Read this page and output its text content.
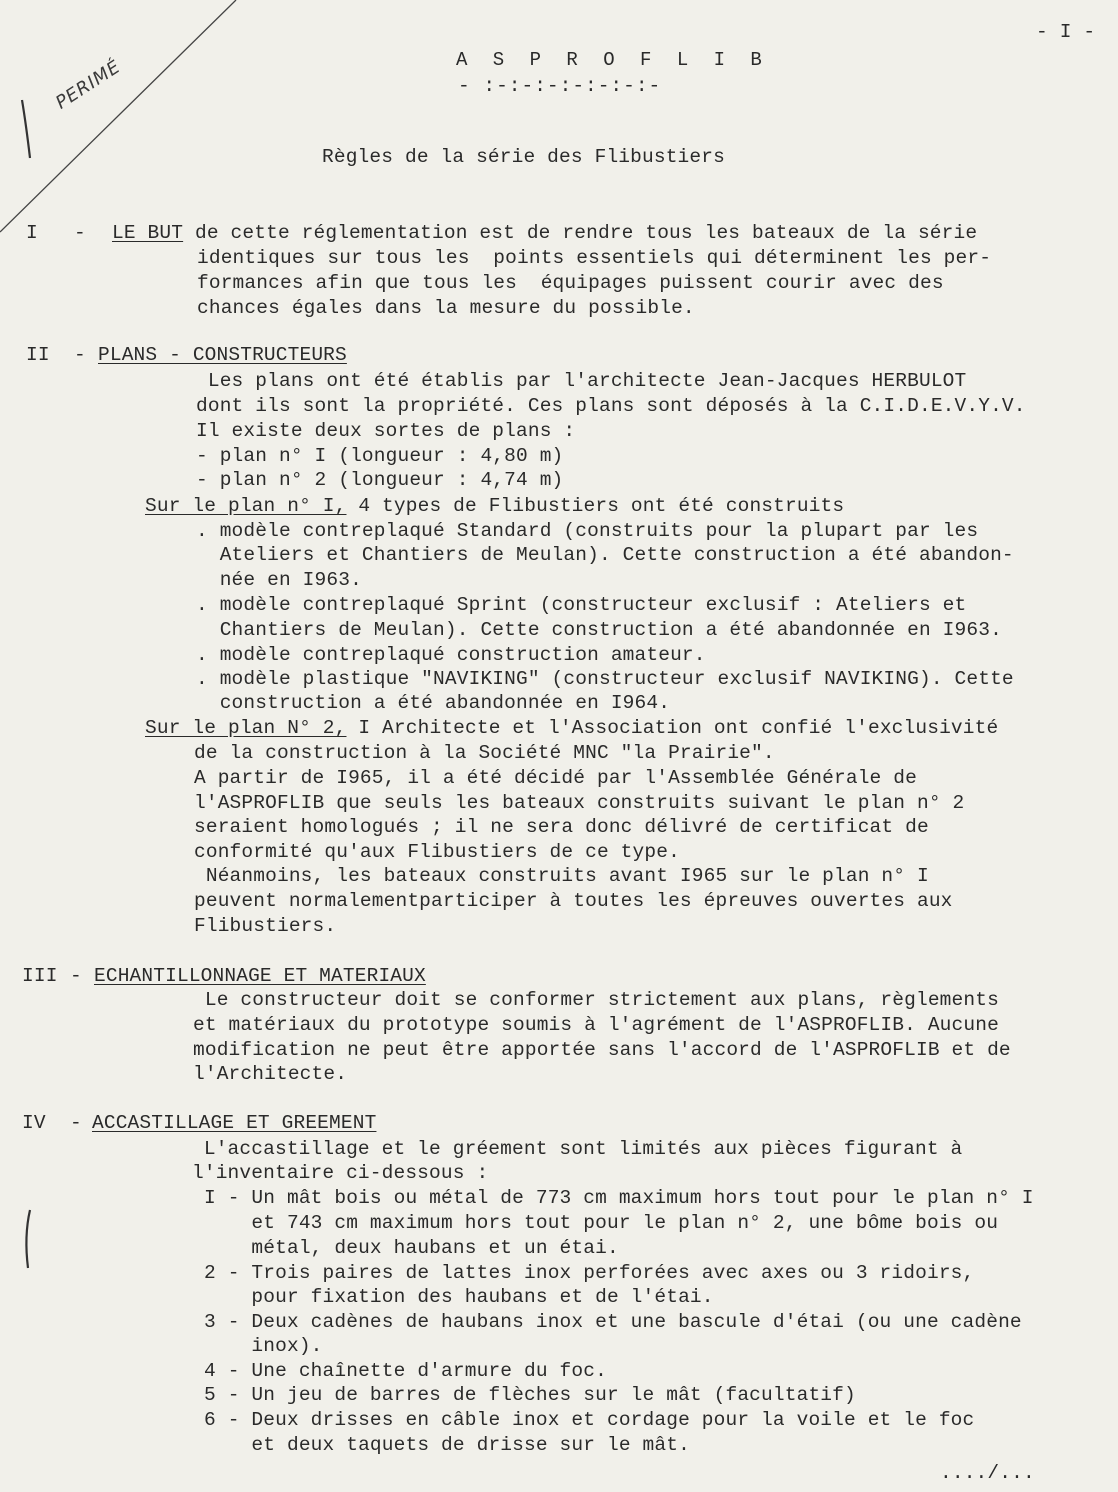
PERIMÉ
- I -
A S P R O F L I B
- :-:-:-:-:-:-:-
Règles de la série des Flibustiers
I - LE BUT de cette réglementation est de rendre tous les bateaux de la série
identiques sur tous les  points essentiels qui déterminent les per-
formances afin que tous les  équipages puissent courir avec des
chances égales dans la mesure du possible.
II - PLANS - CONSTRUCTEURS
Les plans ont été établis par l'architecte Jean-Jacques HERBULOT
dont ils sont la propriété. Ces plans sont déposés à la C.I.D.E.V.Y.V.
Il existe deux sortes de plans :
- plan n° I (longueur : 4,80 m)
- plan n° 2 (longueur : 4,74 m)
Sur le plan n° I, 4 types de Flibustiers ont été construits
. modèle contreplaqué Standard (construits pour la plupart par les
Ateliers et Chantiers de Meulan). Cette construction a été abandon-
née en I963.
. modèle contreplaqué Sprint (constructeur exclusif : Ateliers et
Chantiers de Meulan). Cette construction a été abandonnée en I963.
. modèle contreplaqué construction amateur.
. modèle plastique "NAVIKING" (constructeur exclusif NAVIKING). Cette
construction a été abandonnée en I964.
Sur le plan N° 2, I Architecte et l'Association ont confié l'exclusivité
de la construction à la Société MNC "la Prairie".
A partir de I965, il a été décidé par l'Assemblée Générale de
l'ASPROFLIB que seuls les bateaux construits suivant le plan n° 2
seraient homologués ; il ne sera donc délivré de certificat de
conformité qu'aux Flibustiers de ce type.
Néanmoins, les bateaux construits avant I965 sur le plan n° I
peuvent normalementparticiper à toutes les épreuves ouvertes aux
Flibustiers.
III - ECHANTILLONNAGE ET MATERIAUX
Le constructeur doit se conformer strictement aux plans, règlements
et matériaux du prototype soumis à l'agrément de l'ASPROFLIB. Aucune
modification ne peut être apportée sans l'accord de l'ASPROFLIB et de
l'Architecte.
IV - ACCASTILLAGE ET GREEMENT
L'accastillage et le gréement sont limités aux pièces figurant à
l'inventaire ci-dessous :
I - Un mât bois ou métal de 773 cm maximum hors tout pour le plan n° I
et 743 cm maximum hors tout pour le plan n° 2, une bôme bois ou
métal, deux haubans et un étai.
2 - Trois paires de lattes inox perforées avec axes ou 3 ridoirs,
pour fixation des haubans et de l'étai.
3 - Deux cadènes de haubans inox et une bascule d'étai (ou une cadène
inox).
4 - Une chaînette d'armure du foc.
5 - Un jeu de barres de flèches sur le mât (facultatif)
6 - Deux drisses en câble inox et cordage pour la voile et le foc
et deux taquets de drisse sur le mât.
..../...
